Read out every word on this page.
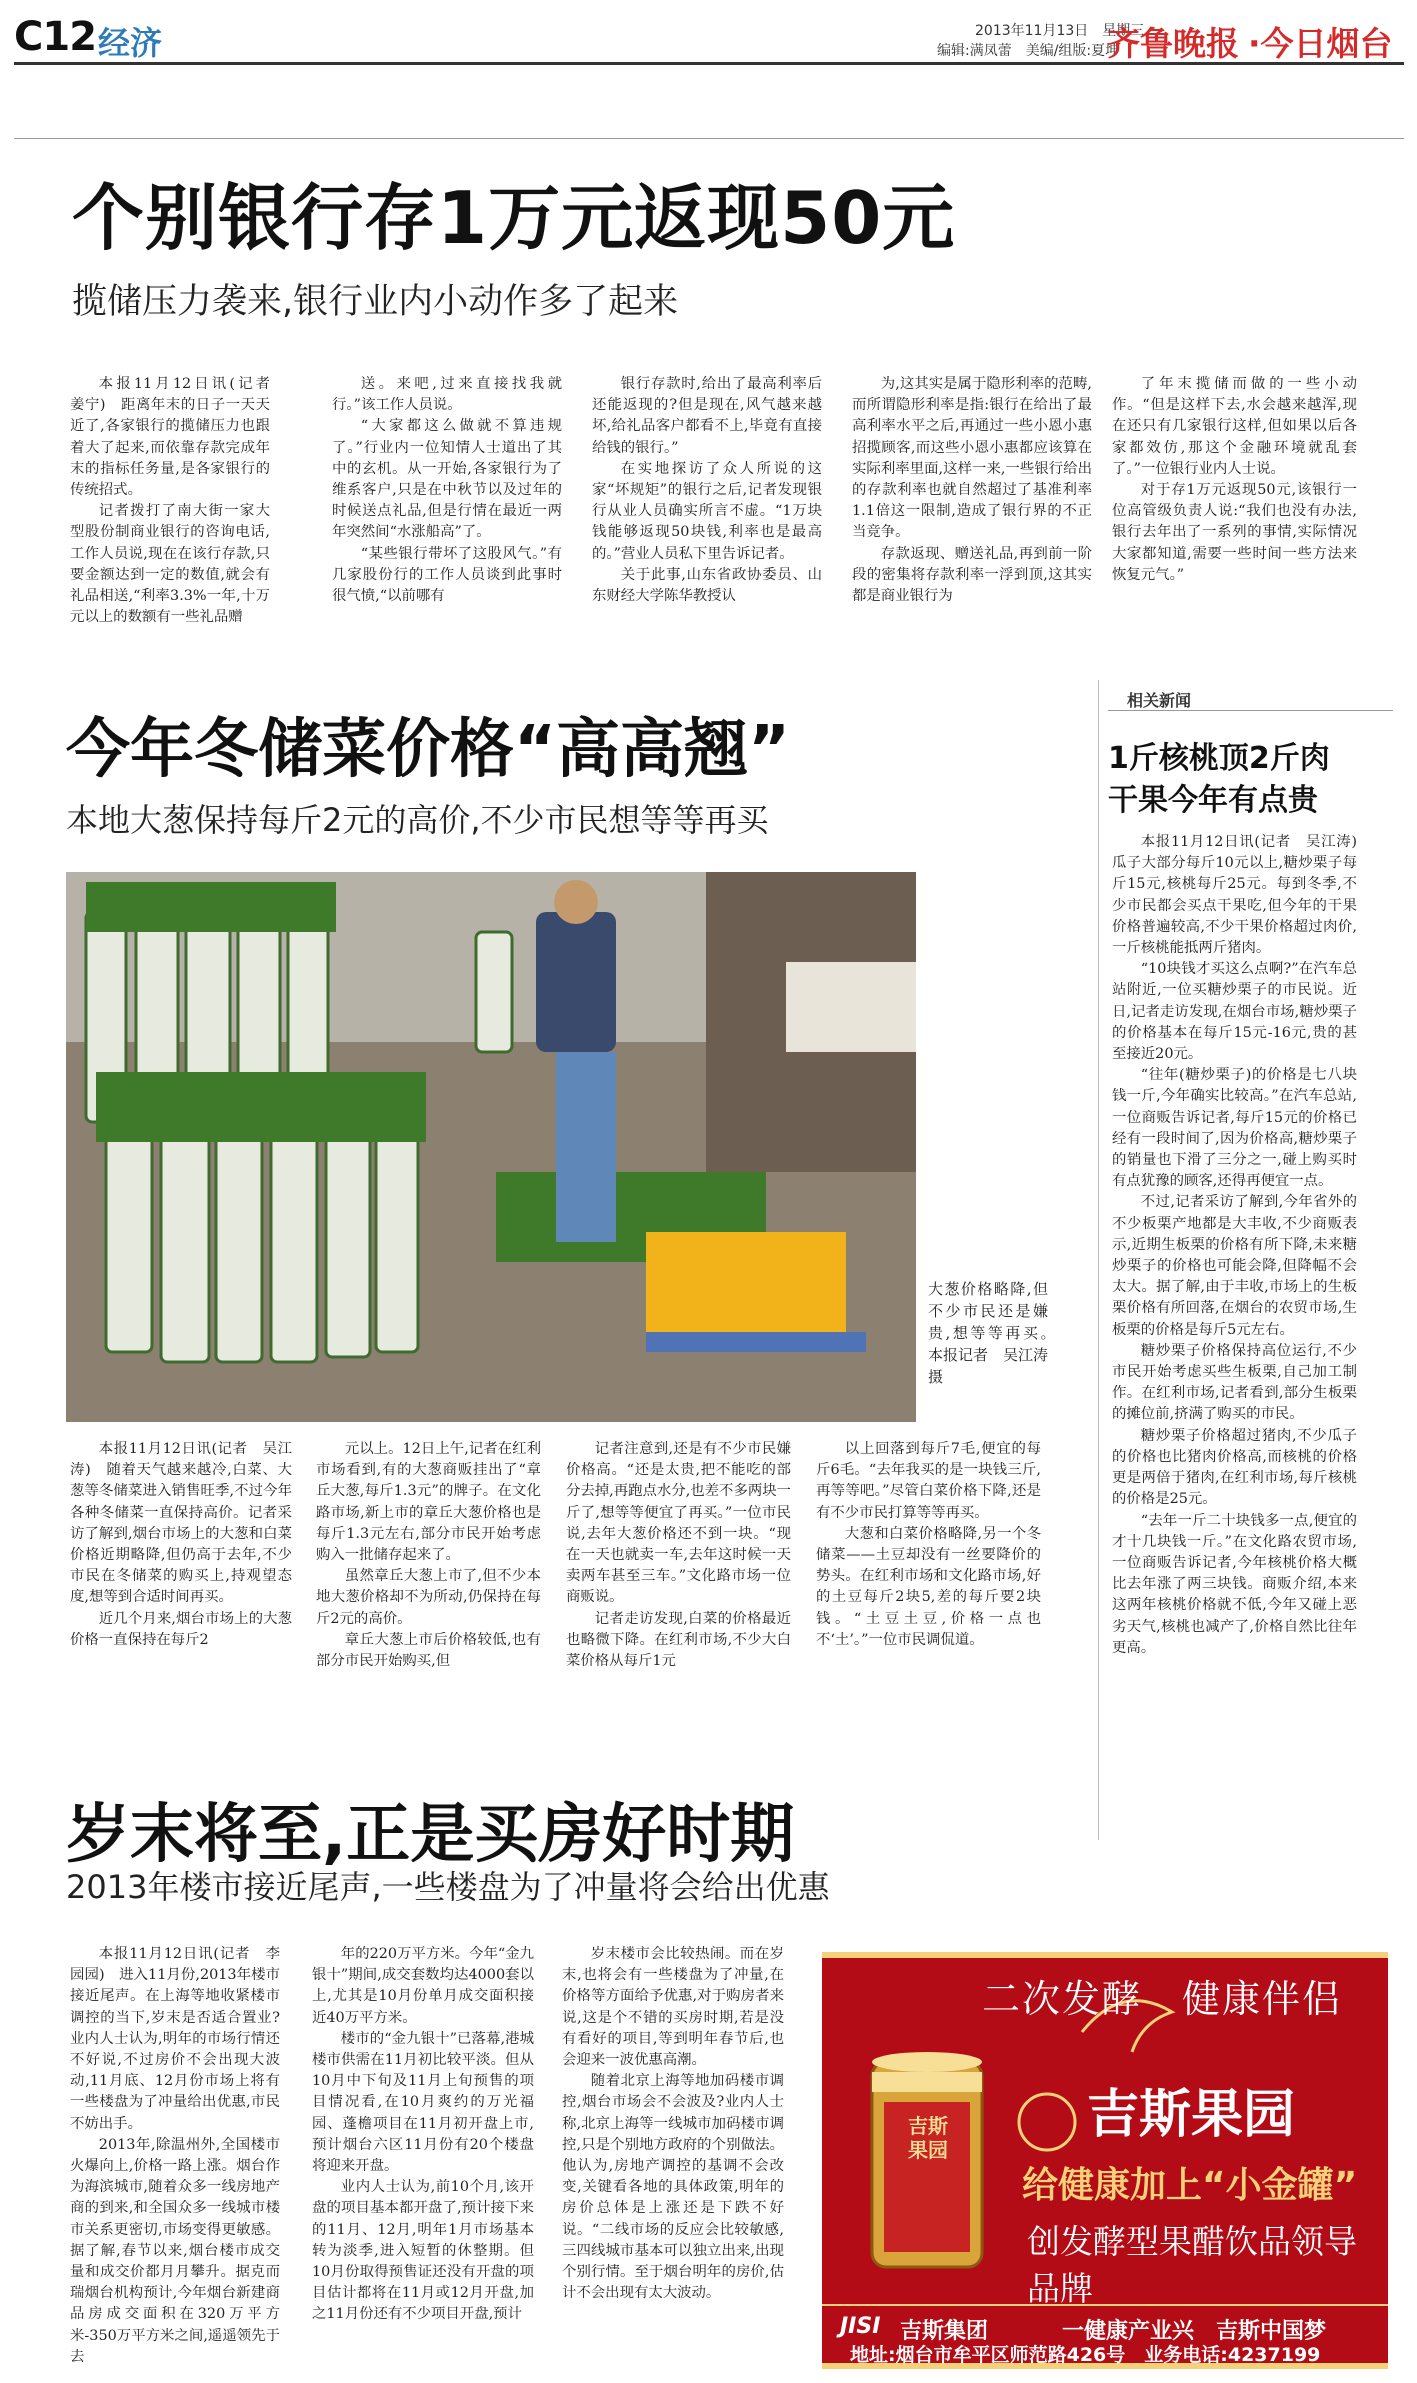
C12 经济	2013年11月13日　星期三
编辑:满凤蕾　美编/组版:夏坤
齐鲁晚报 ·今日烟台
个别银行存1万元返现50元
揽储压力袭来,银行业内小动作多了起来

本报11月12日讯(记者　姜宁)　距离年末的日子一天天近了,各家银行的揽储压力也跟着大了起来,而依靠存款完成年末的指标任务量,是各家银行的传统招式。

记者拨打了南大街一家大型股份制商业银行的咨询电话,工作人员说,现在在该行存款,只要金额达到一定的数值,就会有礼品相送,“利率3.3%一年,十万元以上的数额有一些礼品赠

送。来吧,过来直接找我就行。”该工作人员说。

“大家都这么做就不算违规了。”行业内一位知情人士道出了其中的玄机。从一开始,各家银行为了维系客户,只是在中秋节以及过年的时候送点礼品,但是行情在最近一两年突然间“水涨船高”了。

“某些银行带坏了这股风气。”有几家股份行的工作人员谈到此事时很气愤,“以前哪有

银行存款时,给出了最高利率后还能返现的?但是现在,风气越来越坏,给礼品客户都看不上,毕竟有直接给钱的银行。”

在实地探访了众人所说的这家“坏规矩”的银行之后,记者发现银行从业人员确实所言不虚。“1万块钱能够返现50块钱,利率也是最高的。”营业人员私下里告诉记者。

关于此事,山东省政协委员、山东财经大学陈华教授认

为,这其实是属于隐形利率的范畴,而所谓隐形利率是指:银行在给出了最高利率水平之后,再通过一些小恩小惠招揽顾客,而这些小恩小惠都应该算在实际利率里面,这样一来,一些银行给出的存款利率也就自然超过了基准利率1.1倍这一限制,造成了银行界的不正当竞争。

存款返现、赠送礼品,再到前一阶段的密集将存款利率一浮到顶,这其实都是商业银行为

了年末揽储而做的一些小动作。“但是这样下去,水会越来越浑,现在还只有几家银行这样,但如果以后各家都效仿,那这个金融环境就乱套了。”一位银行业内人士说。

对于存1万元返现50元,该银行一位高管级负责人说:“我们也没有办法,银行去年出了一系列的事情,实际情况大家都知道,需要一些时间一些方法来恢复元气。”

今年冬储菜价格“高高翘”
本地大葱保持每斤2元的高价,不少市民想等等再买
大葱价格略降,但不少市民还是嫌贵,想等等再买。　本报记者　吴江涛　摄

本报11月12日讯(记者　吴江涛)　随着天气越来越冷,白菜、大葱等冬储菜进入销售旺季,不过今年各种冬储菜一直保持高价。记者采访了解到,烟台市场上的大葱和白菜价格近期略降,但仍高于去年,不少市民在冬储菜的购买上,持观望态度,想等到合适时间再买。

近几个月来,烟台市场上的大葱价格一直保持在每斤2

元以上。12日上午,记者在红利市场看到,有的大葱商贩挂出了“章丘大葱,每斤1.3元”的牌子。在文化路市场,新上市的章丘大葱价格也是每斤1.3元左右,部分市民开始考虑购入一批储存起来了。

虽然章丘大葱上市了,但不少本地大葱价格却不为所动,仍保持在每斤2元的高价。

章丘大葱上市后价格较低,也有部分市民开始购买,但

记者注意到,还是有不少市民嫌价格高。“还是太贵,把不能吃的部分去掉,再跑点水分,也差不多两块一斤了,想等等便宜了再买。”一位市民说,去年大葱价格还不到一块。“现在一天也就卖一车,去年这时候一天卖两车甚至三车。”文化路市场一位商贩说。

记者走访发现,白菜的价格最近也略微下降。在红利市场,不少大白菜价格从每斤1元

以上回落到每斤7毛,便宜的每斤6毛。“去年我买的是一块钱三斤,再等等吧。”尽管白菜价格下降,还是有不少市民打算等等再买。

大葱和白菜价格略降,另一个冬储菜——土豆却没有一丝要降价的势头。在红利市场和文化路市场,好的土豆每斤2块5,差的每斤要2块钱。“土豆土豆,价格一点也不‘土’。”一位市民调侃道。

相关新闻
1斤核桃顶2斤肉
干果今年有点贵

本报11月12日讯(记者　吴江涛)　瓜子大部分每斤10元以上,糖炒栗子每斤15元,核桃每斤25元。每到冬季,不少市民都会买点干果吃,但今年的干果价格普遍较高,不少干果价格超过肉价,一斤核桃能抵两斤猪肉。

“10块钱才买这么点啊?”在汽车总站附近,一位买糖炒栗子的市民说。近日,记者走访发现,在烟台市场,糖炒栗子的价格基本在每斤15元-16元,贵的甚至接近20元。

“往年(糖炒栗子)的价格是七八块钱一斤,今年确实比较高。”在汽车总站,一位商贩告诉记者,每斤15元的价格已经有一段时间了,因为价格高,糖炒栗子的销量也下滑了三分之一,碰上购买时有点犹豫的顾客,还得再便宜一点。

不过,记者采访了解到,今年省外的不少板栗产地都是大丰收,不少商贩表示,近期生板栗的价格有所下降,未来糖炒栗子的价格也可能会降,但降幅不会太大。据了解,由于丰收,市场上的生板栗价格有所回落,在烟台的农贸市场,生板栗的价格是每斤5元左右。

糖炒栗子价格保持高位运行,不少市民开始考虑买些生板栗,自己加工制作。在红利市场,记者看到,部分生板栗的摊位前,挤满了购买的市民。

糖炒栗子价格超过猪肉,不少瓜子的价格也比猪肉价格高,而核桃的价格更是两倍于猪肉,在红利市场,每斤核桃的价格是25元。

“去年一斤二十块钱多一点,便宜的才十几块钱一斤。”在文化路农贸市场,一位商贩告诉记者,今年核桃价格大概比去年涨了两三块钱。商贩介绍,本来这两年核桃价格就不低,今年又碰上恶劣天气,核桃也减产了,价格自然比往年更高。

岁末将至,正是买房好时期
2013年楼市接近尾声,一些楼盘为了冲量将会给出优惠

本报11月12日讯(记者　李园园)　进入11月份,2013年楼市接近尾声。在上海等地收紧楼市调控的当下,岁末是否适合置业?业内人士认为,明年的市场行情还不好说,不过房价不会出现大波动,11月底、12月份市场上将有一些楼盘为了冲量给出优惠,市民不妨出手。

2013年,除温州外,全国楼市火爆向上,价格一路上涨。烟台作为海滨城市,随着众多一线房地产商的到来,和全国众多一线城市楼市关系更密切,市场变得更敏感。据了解,春节以来,烟台楼市成交量和成交价都月月攀升。据克而瑞烟台机构预计,今年烟台新建商品房成交面积在320万平方米-350万平方米之间,遥遥领先于去

年的220万平方米。今年“金九银十”期间,成交套数均达4000套以上,尤其是10月份单月成交面积接近40万平方米。

楼市的“金九银十”已落幕,港城楼市供需在11月初比较平淡。但从10月中下旬及11月上旬预售的项目情况看,在10月爽约的万光福园、蓬檐项目在11月初开盘上市,预计烟台六区11月份有20个楼盘将迎来开盘。

业内人士认为,前10个月,该开盘的项目基本都开盘了,预计接下来的11月、12月,明年1月市场基本转为淡季,进入短暂的休整期。但10月份取得预售证还没有开盘的项目估计都将在11月或12月开盘,加之11月份还有不少项目开盘,预计

岁末楼市会比较热闹。而在岁末,也将会有一些楼盘为了冲量,在价格等方面给予优惠,对于购房者来说,这是个不错的买房时期,若是没有看好的项目,等到明年春节后,也会迎来一波优惠高潮。

随着北京上海等地加码楼市调控,烟台市场会不会波及?业内人士称,北京上海等一线城市加码楼市调控,只是个别地方政府的个别做法。他认为,房地产调控的基调不会改变,关键看各地的具体政策,明年的房价总体是上涨还是下跌不好说。“二线市场的反应会比较敏感,三四线城市基本可以独立出来,出现个别行情。至于烟台明年的房价,估计不会出现有太大波动。

二次发酵　健康伴侣
吉斯果园
给健康加上“小金罐”
创发酵型果醋饮品领导品牌
吉斯果园
JISI 吉斯集团	一健康产业兴　吉斯中国梦
地址:烟台市牟平区师范路426号　业务电话:4237199
